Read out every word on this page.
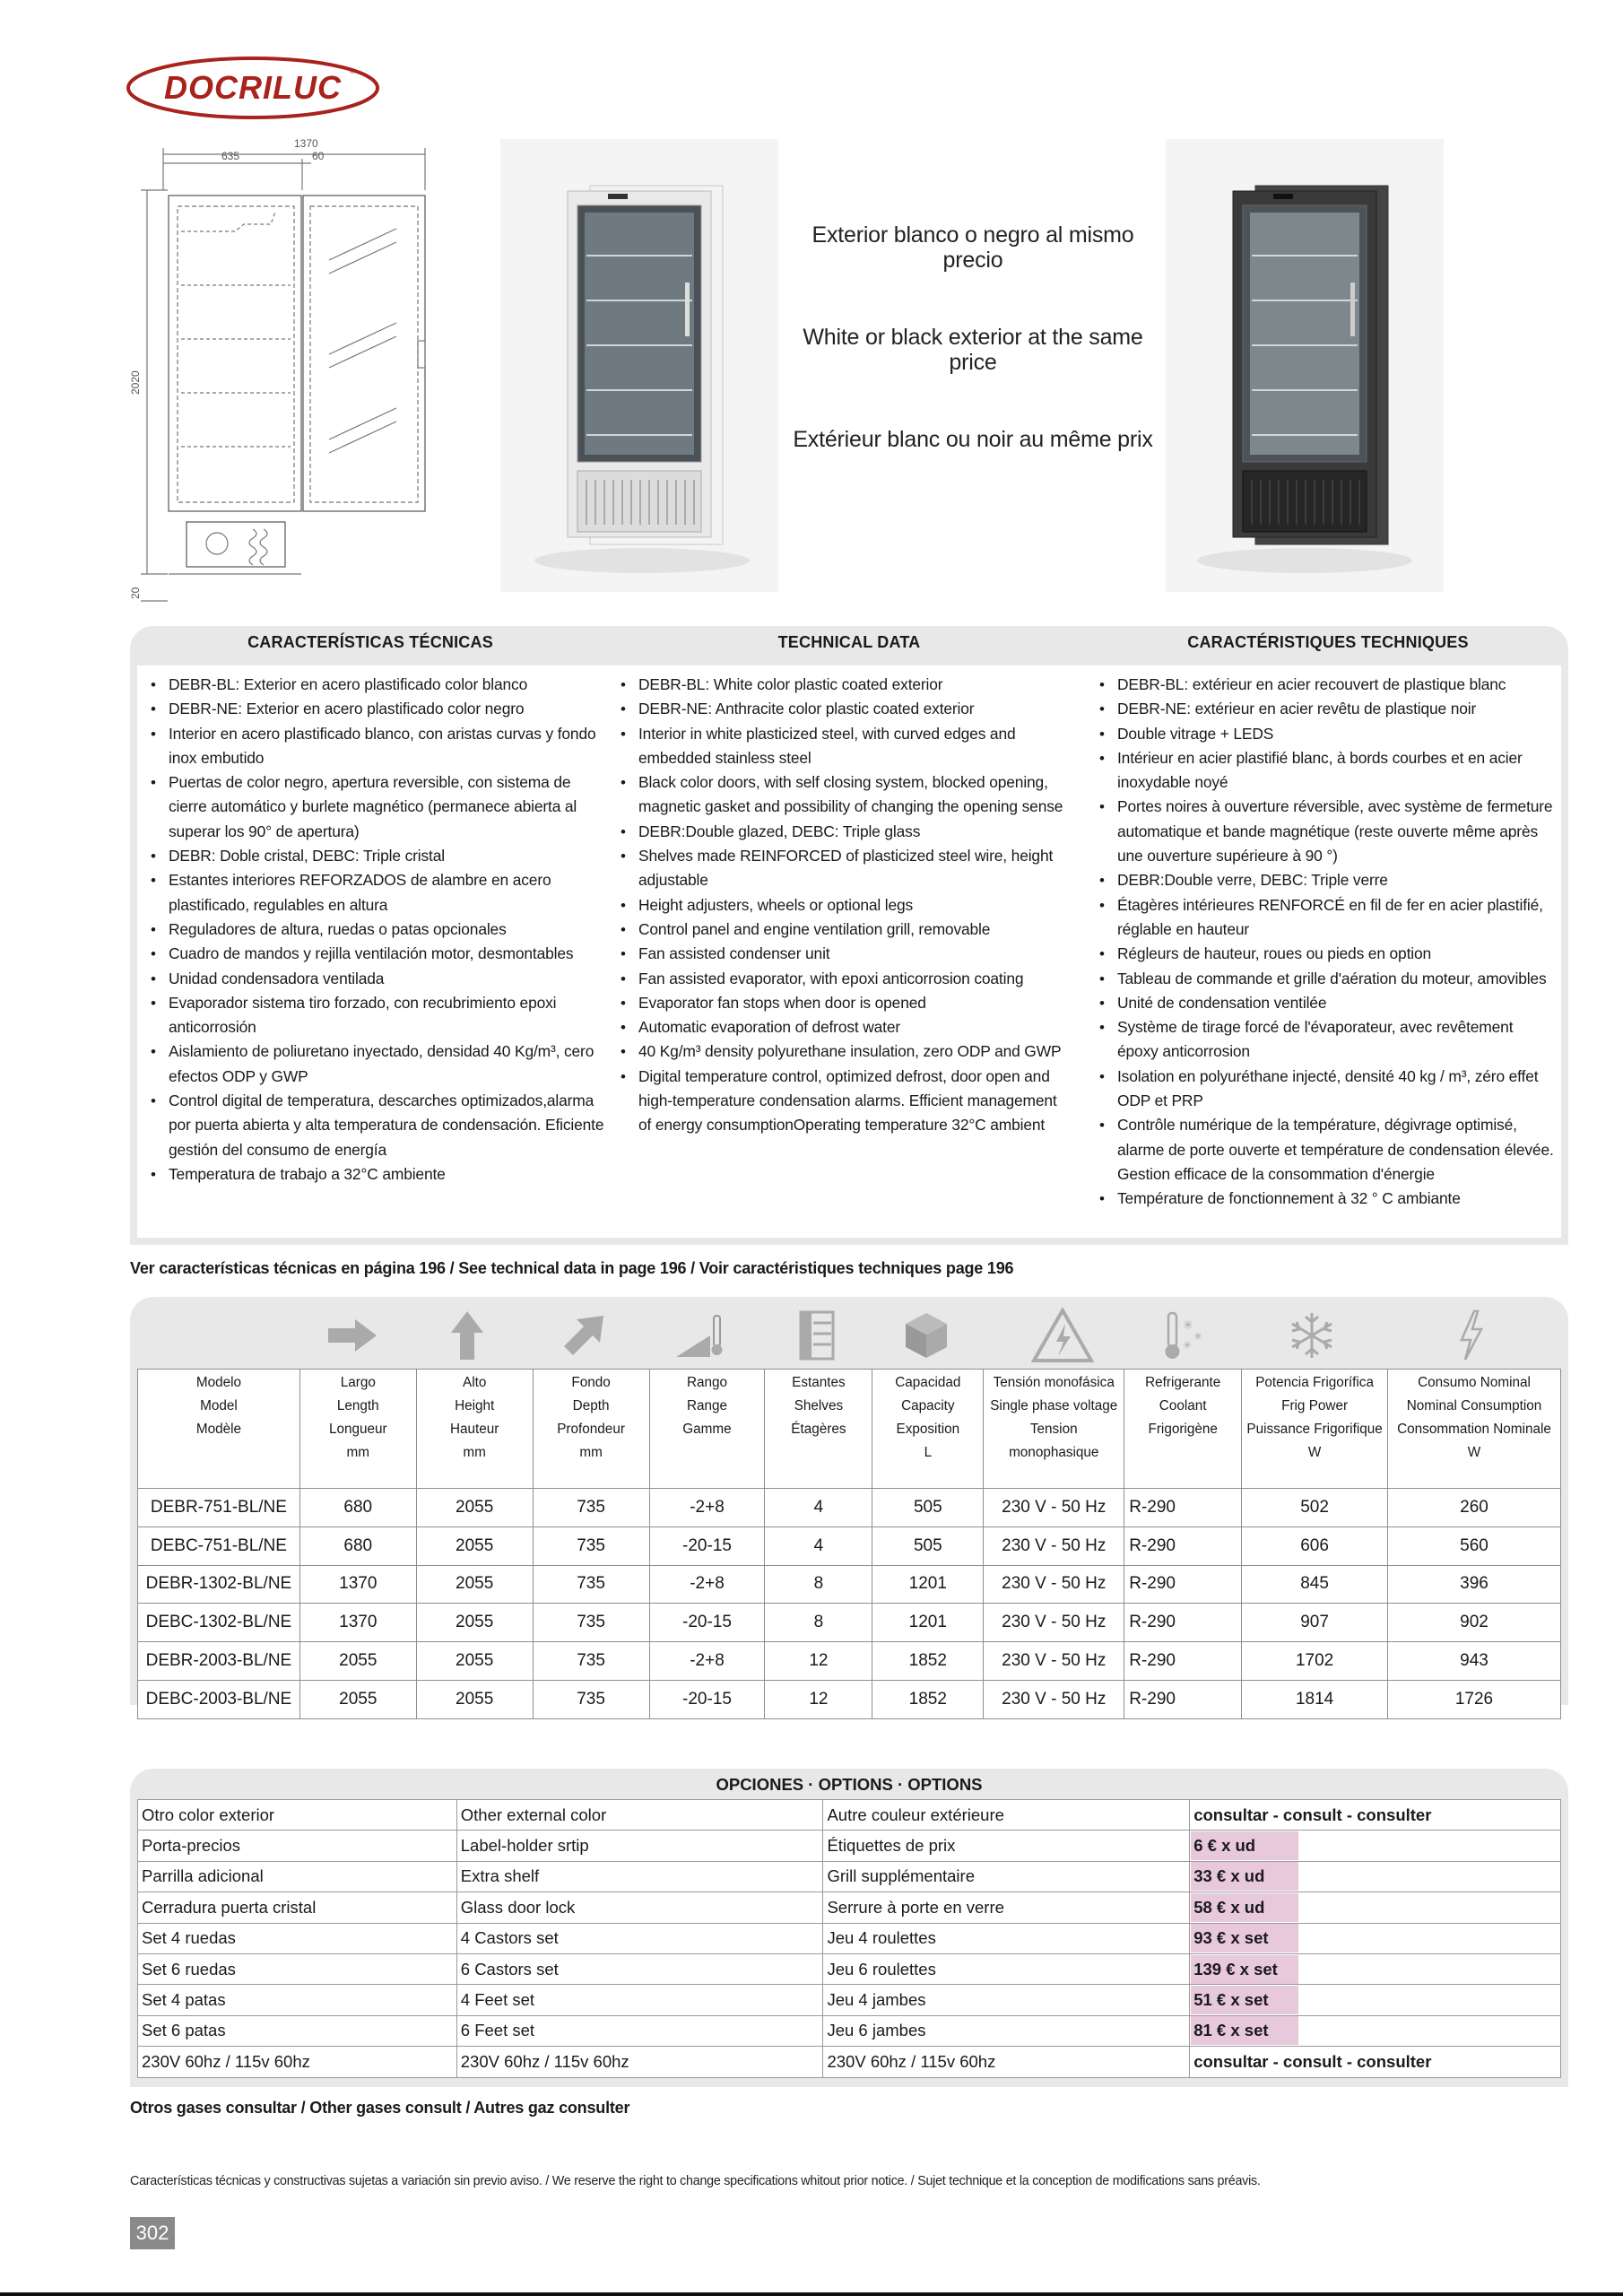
DOCRILUC ®
1370
635	60
2020
20
Exterior blanco o negro al mismo precio
White or black exterior at the same price
Extérieur blanc ou noir au même prix
CARACTERÍSTICAS TÉCNICAS
• DEBR-BL: Exterior en acero plastificado color blanco
• DEBR-NE: Exterior en acero plastificado color negro
• Interior en acero plastificado blanco, con aristas curvas y fondo inox embutido
• Puertas de color negro, apertura reversible, con sistema de cierre automático y burlete magnético (permanece abierta al superar los 90° de apertura)
• DEBR: Doble cristal, DEBC: Triple cristal
• Estantes interiores REFORZADOS de alambre en acero plastificado, regulables en altura
• Reguladores de altura, ruedas o patas opcionales
• Cuadro de mandos y rejilla ventilación motor, desmontables
• Unidad condensadora ventilada
• Evaporador sistema tiro forzado, con recubrimiento epoxi anticorrosión
• Aislamiento de poliuretano inyectado, densidad 40 Kg/m³, cero efectos ODP y GWP
• Control digital de temperatura, descarches optimizados,alarma por puerta abierta y alta temperatura de condensación. Eficiente gestión del consumo de energía
• Temperatura de trabajo a 32°C ambiente
TECHNICAL DATA
• DEBR-BL: White color plastic coated exterior
• DEBR-NE: Anthracite color plastic coated exterior
• Interior in white plasticized steel, with curved edges and embedded stainless steel
• Black color doors, with self closing system, blocked opening, magnetic gasket and possibility of changing the opening sense
• DEBR:Double glazed, DEBC: Triple glass
• Shelves made REINFORCED of plasticized steel wire, height adjustable
• Height adjusters, wheels or optional legs
• Control panel and engine ventilation grill, removable
• Fan assisted condenser unit
• Fan assisted evaporator, with epoxi anticorrosion coating
• Evaporator fan stops when door is opened
• Automatic evaporation of defrost water
• 40 Kg/m³ density polyurethane insulation, zero ODP and GWP
• Digital temperature control, optimized defrost, door open and high-temperature condensation alarms. Efficient management of energy consumptionOperating temperature 32°C ambient
CARACTÉRISTIQUES TECHNIQUES
• DEBR-BL: extérieur en acier recouvert de plastique blanc
• DEBR-NE: extérieur en acier revêtu de plastique noir
• Double vitrage + LEDS
• Intérieur en acier plastifié blanc, à bords courbes et en acier inoxydable noyé
• Portes noires à ouverture réversible, avec système de fermeture automatique et bande magnétique (reste ouverte même après une ouverture supérieure à 90 °)
• DEBR:Double verre, DEBC: Triple verre
• Étagères intérieures RENFORCÉ en fil de fer en acier plastifié, réglable en hauteur
• Régleurs de hauteur, roues ou pieds en option
• Tableau de commande et grille d'aération du moteur, amovibles
• Unité de condensation ventilée
• Système de tirage forcé de l'évaporateur, avec revêtement époxy anticorrosion
• Isolation en polyuréthane injecté, densité 40 kg / m³, zéro effet ODP et PRP
• Contrôle numérique de la température, dégivrage optimisé, alarme de porte ouverte et température de condensation élevée. Gestion efficace de la consommation d'énergie
• Température de fonctionnement à 32 ° C ambiante
Ver características técnicas en página 196 / See technical data in page 196 / Voir caractéristiques techniques page 196
✳
✳
✳
Modelo
Model
Modèle	Largo
Length
Longueur
mm	Alto
Height
Hauteur
mm	Fondo
Depth
Profondeur
mm	Rango
Range
Gamme	Estantes
Shelves
Étagères	Capacidad
Capacity
Exposition
L	Tensión monofásica
Single phase voltage
Tension monophasique	Refrigerante
Coolant
Frigorigène	Potencia Frigorífica
Frig Power
Puissance Frigorifique
W	Consumo Nominal
Nominal Consumption
Consommation Nominale
W

DEBR-751-BL/NE	680	2055	735	-2+8	4	505	230 V - 50 Hz	R-290	502	260
DEBC-751-BL/NE	680	2055	735	-20-15	4	505	230 V - 50 Hz	R-290	606	560
DEBR-1302-BL/NE	1370	2055	735	-2+8	8	1201	230 V - 50 Hz	R-290	845	396
DEBC-1302-BL/NE	1370	2055	735	-20-15	8	1201	230 V - 50 Hz	R-290	907	902
DEBR-2003-BL/NE	2055	2055	735	-2+8	12	1852	230 V - 50 Hz	R-290	1702	943
DEBC-2003-BL/NE	2055	2055	735	-20-15	12	1852	230 V - 50 Hz	R-290	1814	1726
OPCIONES · OPTIONS · OPTIONS
Otro color exterior	Other external color	Autre couleur extérieure	consultar - consult - consulter
Porta-precios	Label-holder srtip	Étiquettes de prix	6 € x ud
Parrilla adicional	Extra shelf	Grill supplémentaire	33 € x ud
Cerradura puerta cristal	Glass door lock	Serrure à porte en verre	58 € x ud
Set 4 ruedas	4 Castors set	Jeu 4 roulettes	93 € x set
Set 6 ruedas	6 Castors set	Jeu 6 roulettes	139 € x set
Set 4 patas	4 Feet set	Jeu 4 jambes	51 € x set
Set 6 patas	6 Feet set	Jeu 6 jambes	81 € x set
230V 60hz / 115v 60hz	230V 60hz / 115v 60hz	230V 60hz / 115v 60hz	consultar - consult - consulter
Otros gases consultar / Other gases consult / Autres gaz consulter
Características técnicas y constructivas sujetas a variación sin previo aviso. / We reserve the right to change specifications whitout prior notice. / Sujet technique et la conception de modifications sans préavis.
302
